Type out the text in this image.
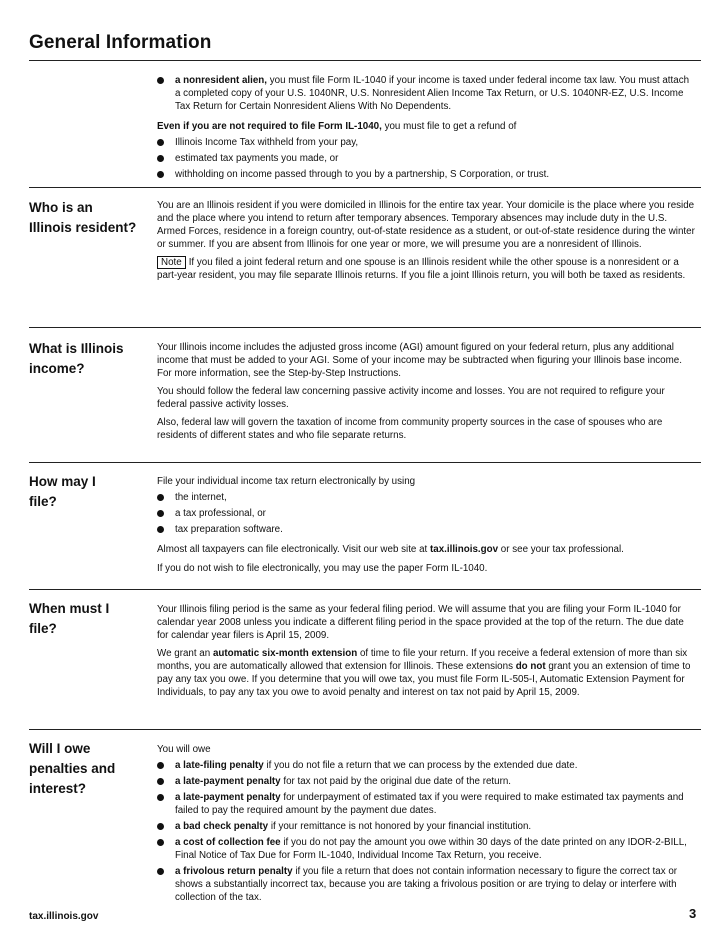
General Information

a nonresident alien, you must file Form IL-1040 if your income is taxed under federal income tax law. You must attach a completed copy of your U.S. 1040NR, U.S. Nonresident Alien Income Tax Return, or U.S. 1040NR-EZ, U.S. Income Tax Return for Certain Nonresident Aliens With No Dependents.

Even if you are not required to file Form IL-1040, you must file to get a refund of

Illinois Income Tax withheld from your pay,

estimated tax payments you made, or

withholding on income passed through to you by a partnership, S Corporation, or trust.

Who is an Illinois resident?

You are an Illinois resident if you were domiciled in Illinois for the entire tax year. Your domicile is the place where you reside and the place where you intend to return after temporary absences. Temporary absences may include duty in the U.S. Armed Forces, residence in a foreign country, out-of-state residence as a student, or out-of-state residence during the winter or summer. If you are absent from Illinois for one year or more, we will presume you are a nonresident of Illinois.

Note If you filed a joint federal return and one spouse is an Illinois resident while the other spouse is a nonresident or a part-year resident, you may file separate Illinois returns. If you file a joint Illinois return, you will both be taxed as residents.

What is Illinois income?

Your Illinois income includes the adjusted gross income (AGI) amount figured on your federal return, plus any additional income that must be added to your AGI. Some of your income may be subtracted when figuring your Illinois base income. For more information, see the Step-by-Step Instructions.

You should follow the federal law concerning passive activity income and losses. You are not required to refigure your federal passive activity losses.

Also, federal law will govern the taxation of income from community property sources in the case of spouses who are residents of different states and who file separate returns.

How may I file?

File your individual income tax return electronically by using

the internet,

a tax professional, or

tax preparation software.

Almost all taxpayers can file electronically. Visit our web site at tax.illinois.gov or see your tax professional.

If you do not wish to file electronically, you may use the paper Form IL-1040.

When must I file?

Your Illinois filing period is the same as your federal filing period. We will assume that you are filing your Form IL-1040 for calendar year 2008 unless you indicate a different filing period in the space provided at the top of the return. The due date for calendar year filers is April 15, 2009.

We grant an automatic six-month extension of time to file your return. If you receive a federal extension of more than six months, you are automatically allowed that extension for Illinois. These extensions do not grant you an extension of time to pay any tax you owe. If you determine that you will owe tax, you must file Form IL-505-I, Automatic Extension Payment for Individuals, to pay any tax you owe to avoid penalty and interest on tax not paid by April 15, 2009.

Will I owe penalties and interest?

You will owe

a late-filing penalty if you do not file a return that we can process by the extended due date.

a late-payment penalty for tax not paid by the original due date of the return.

a late-payment penalty for underpayment of estimated tax if you were required to make estimated tax payments and failed to pay the required amount by the payment due dates.

a bad check penalty if your remittance is not honored by your financial institution.

a cost of collection fee if you do not pay the amount you owe within 30 days of the date printed on any IDOR-2-BILL, Final Notice of Tax Due for Form IL-1040, Individual Income Tax Return, you receive.

a frivolous return penalty if you file a return that does not contain information necessary to figure the correct tax or shows a substantially incorrect tax, because you are taking a frivolous position or are trying to delay or interfere with collection of the tax.

tax.illinois.gov	3
